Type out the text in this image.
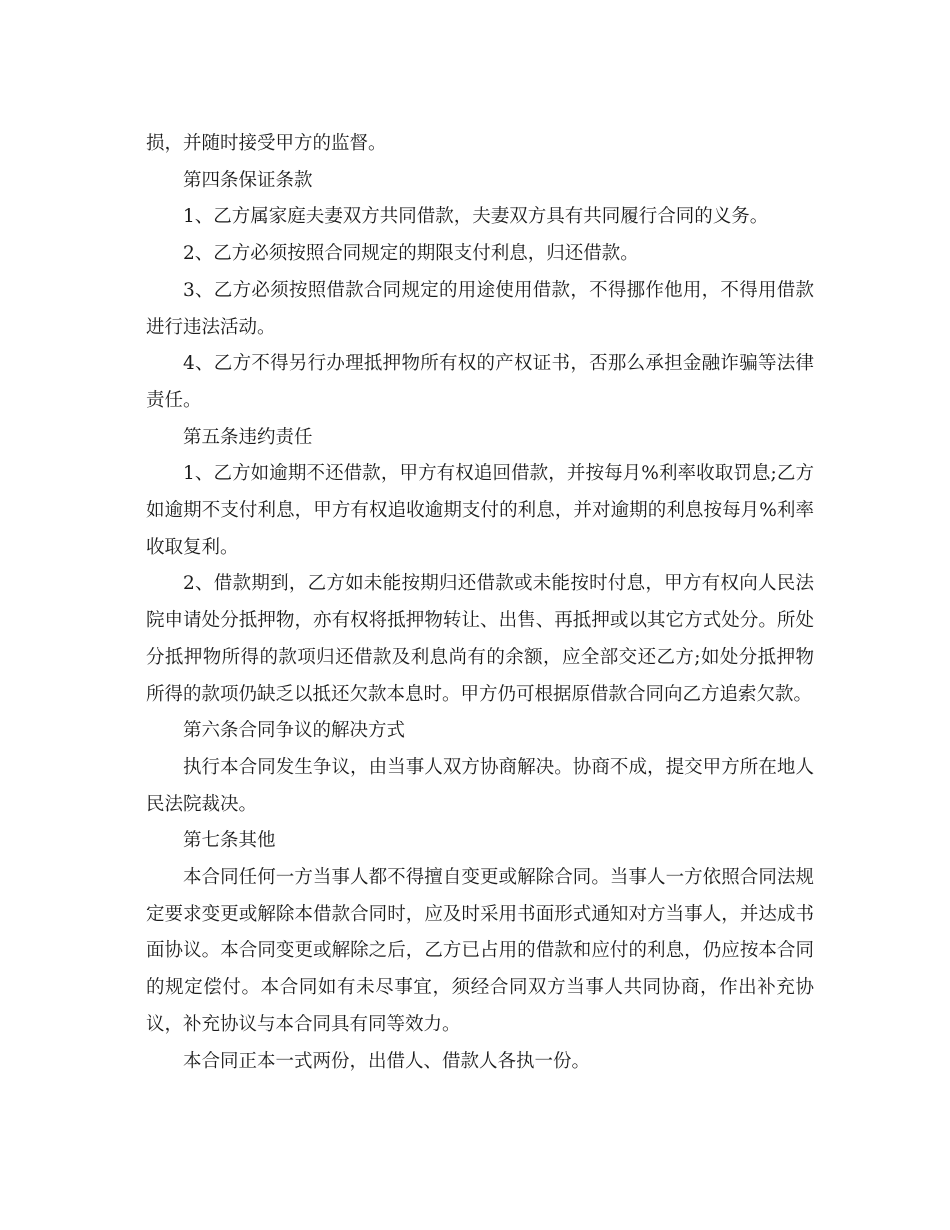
损，并随时接受甲方的监督。

第四条保证条款

1、乙方属家庭夫妻双方共同借款，夫妻双方具有共同履行合同的义务。

2、乙方必须按照合同规定的期限支付利息，归还借款。

3、乙方必须按照借款合同规定的用途使用借款，不得挪作他用，不得用借款进行违法活动。

4、乙方不得另行办理抵押物所有权的产权证书，否那么承担金融诈骗等法律责任。

第五条违约责任

1、乙方如逾期不还借款，甲方有权追回借款，并按每月%利率收取罚息;乙方如逾期不支付利息，甲方有权追收逾期支付的利息，并对逾期的利息按每月%利率收取复利。

2、借款期到，乙方如未能按期归还借款或未能按时付息，甲方有权向人民法院申请处分抵押物，亦有权将抵押物转让、出售、再抵押或以其它方式处分。所处分抵押物所得的款项归还借款及利息尚有的余额，应全部交还乙方;如处分抵押物所得的款项仍缺乏以抵还欠款本息时。甲方仍可根据原借款合同向乙方追索欠款。

第六条合同争议的解决方式

执行本合同发生争议，由当事人双方协商解决。协商不成，提交甲方所在地人民法院裁决。

第七条其他

本合同任何一方当事人都不得擅自变更或解除合同。当事人一方依照合同法规定要求变更或解除本借款合同时，应及时采用书面形式通知对方当事人，并达成书面协议。本合同变更或解除之后，乙方已占用的借款和应付的利息，仍应按本合同的规定偿付。本合同如有未尽事宜，须经合同双方当事人共同协商，作出补充协议，补充协议与本合同具有同等效力。

本合同正本一式两份，出借人、借款人各执一份。
